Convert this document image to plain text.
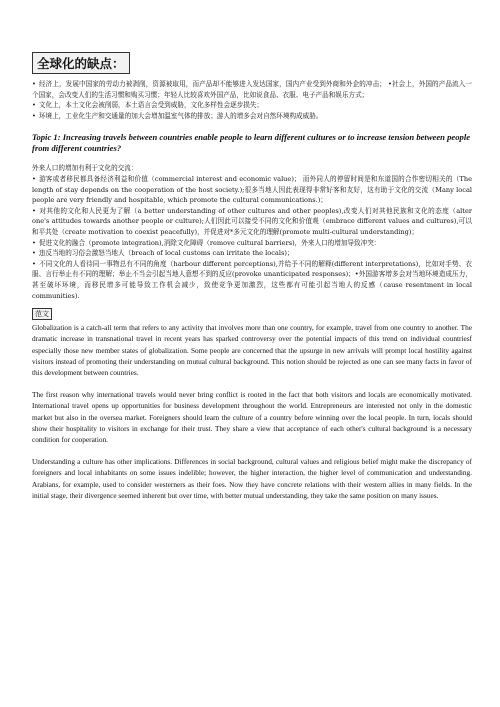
全球化的缺点：

• 经济上，发展中国家的劳动力被剥削，资源被取用，而产品却不能够进入发达国家，国内产业受到外商和外企的冲击； •社会上，外国的产品流入一个国家，会改变人们的生活习惯和购买习惯；年轻人比较喜欢外国产品，比如说食品、衣服、电子产品和娱乐方式；

• 文化上，本土文化会被削弱，本土语言会受到威胁，文化多样性会逐步损失；

• 环境上，工业化生产和交通量的加大会增加温室气体的排放；游人的增多会对自然环境构成威胁。

Topic 1: Increasing travels between countries enable people to learn different cultures or to increase tension between people from different countries?

外来人口的增加有利于文化的交流：

• 游客或者移民都具备经济利益和价值（commercial interest and economic value)； 而外同人的停留时间是和东道国的合作密切相关的（The length of stay depends on the cooperation of the host society.);很多当地人因此表现得非常好客和友好，这有助于文化的交流（Many local people are very friendly and hospitable, which promote the cultural communications.)；

• 对其他的文化和人民更为了解（a better understanding of other cultures and other peoples),改变人们对其他民族和文化的态度（alter one's attitudes towards another people or culture);人们因此可以接受不同的文化和价值观（embrace different values and cultures),可以和平共处（create motivation to coexist peacefully)，并促进对*多元文化的理解(promote multi-cultural understanding)；

• 促进文化的融合（promote integration),消除文化障碍（remove cultural barriers)，外来人口的增加导致冲突：

• 违反当地的习俗会激怒当地人（breach of local customs can irritate the locals)；

• 不同文化的人看待同一事物总有不同的角度（harbour different perceptions),并给予不同的解释(different interpretations)，比如对手势、衣服、言行举止有不同的理解；举止不当会引起当地人意想不到的反应(provoke unanticipated responses)；•外国游客增多会对当地环境造成压力，甚至破坏环境，而移民增多可能导致工作机会减少，致使竞争更加激烈，这些都有可能引起当地人的反感（cause resentment in local communities).

范文

Globalization is a catch-all term that refers to any activity that involves more than one country, for example, travel from one country to another. The dramatic increase in transnational travel in recent years has sparked controversy over the potential impacts of this trend on individual countriesf especially those new member states of globalization. Some people are concerned that the upsurge in new arrivals will prompt local hostility against visitors instead of promoting their understanding on mutual cultural background. This notion should be rejected as one can see many facts in favor of this development between countries.

The first reason why international travels would never bring conflict is rooted in the fact that both visitors and locals are economically motivated. International travel opens up opportunities for business development throughout the world. Entrepreneurs are interested not only in the domestic market but also in the oversea market. Foreigners should learn the culture of a country before winning over the local people. In turn, locals should show their hospitality to visitors in exchange for their trust. They share a view that acceptance of each other's cultural background is a necessary condition for cooperation.

Understanding a culture has other implications. Differences in social background, cultural values and religious belief might make the discrepancy of foreigners and local inhabitants on some issues indelible; however, the higher interaction, the higher level of communication and understanding. Arabians, for example, used to consider westerners as their foes. Now they have concrete relations with their western allies in many fields. In the initial stage, their divergence seemed inherent but over time, with better mutual understanding, they take the same position on many issues.
